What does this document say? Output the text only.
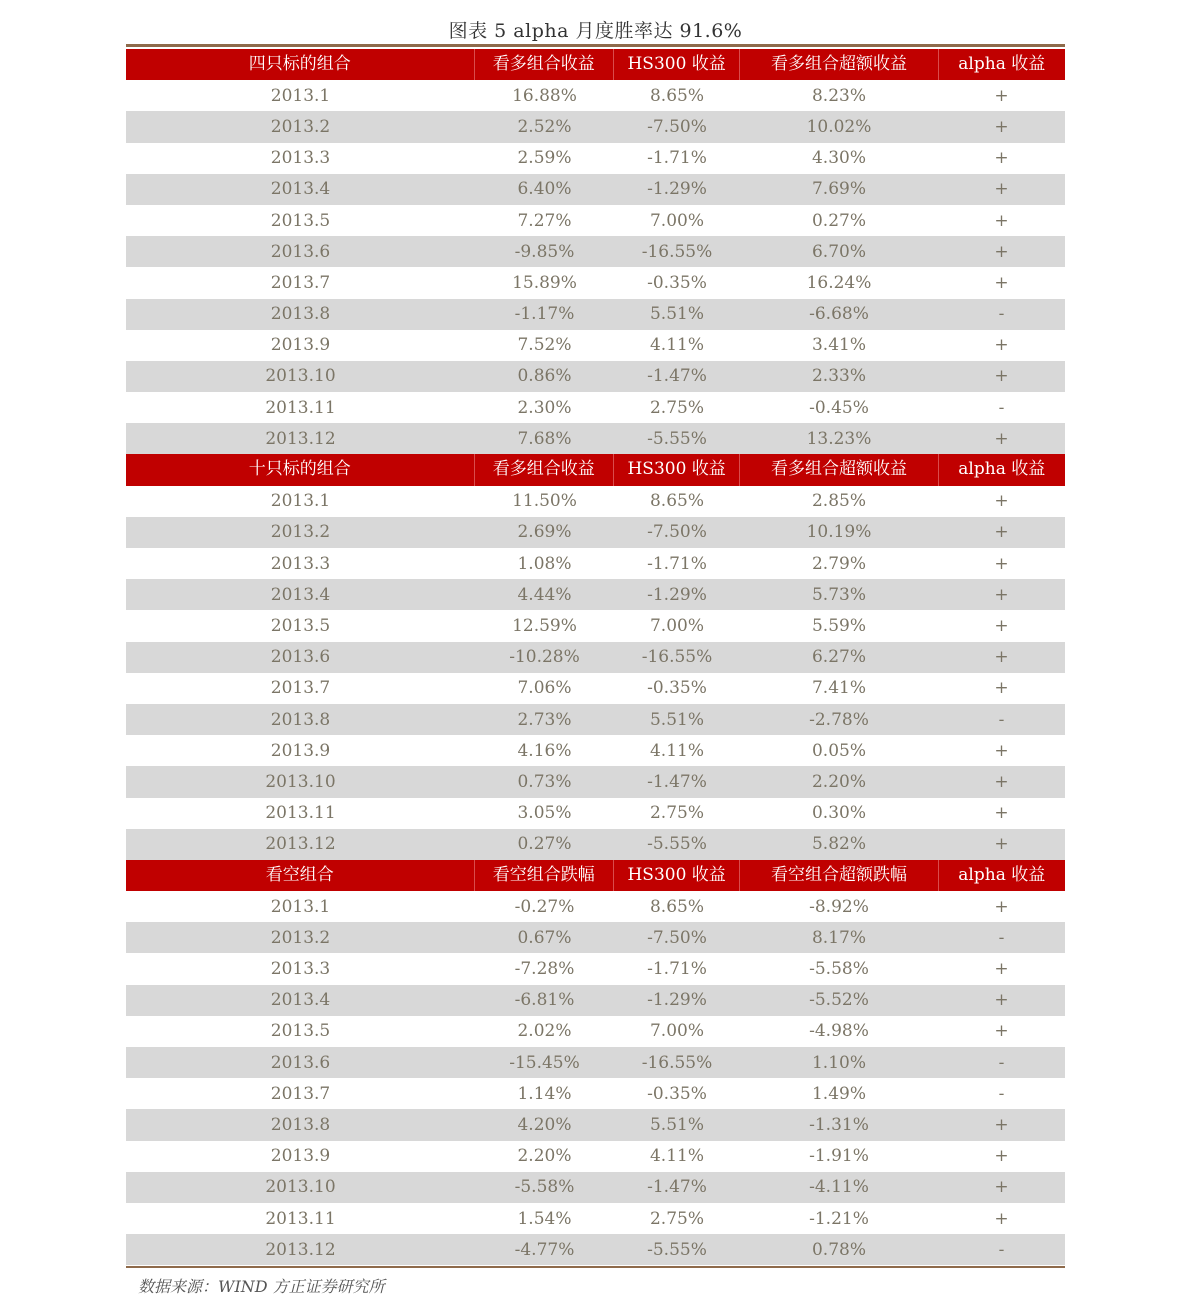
图表 5 alpha 月度胜率达 91.6%
四只标的组合	看多组合收益	HS300 收益	看多组合超额收益	alpha 收益
2013.1	16.88%	8.65%	8.23%	+
2013.2	2.52%	-7.50%	10.02%	+
2013.3	2.59%	-1.71%	4.30%	+
2013.4	6.40%	-1.29%	7.69%	+
2013.5	7.27%	7.00%	0.27%	+
2013.6	-9.85%	-16.55%	6.70%	+
2013.7	15.89%	-0.35%	16.24%	+
2013.8	-1.17%	5.51%	-6.68%	-
2013.9	7.52%	4.11%	3.41%	+
2013.10	0.86%	-1.47%	2.33%	+
2013.11	2.30%	2.75%	-0.45%	-
2013.12	7.68%	-5.55%	13.23%	+
十只标的组合	看多组合收益	HS300 收益	看多组合超额收益	alpha 收益
2013.1	11.50%	8.65%	2.85%	+
2013.2	2.69%	-7.50%	10.19%	+
2013.3	1.08%	-1.71%	2.79%	+
2013.4	4.44%	-1.29%	5.73%	+
2013.5	12.59%	7.00%	5.59%	+
2013.6	-10.28%	-16.55%	6.27%	+
2013.7	7.06%	-0.35%	7.41%	+
2013.8	2.73%	5.51%	-2.78%	-
2013.9	4.16%	4.11%	0.05%	+
2013.10	0.73%	-1.47%	2.20%	+
2013.11	3.05%	2.75%	0.30%	+
2013.12	0.27%	-5.55%	5.82%	+
看空组合	看空组合跌幅	HS300 收益	看空组合超额跌幅	alpha 收益
2013.1	-0.27%	8.65%	-8.92%	+
2013.2	0.67%	-7.50%	8.17%	-
2013.3	-7.28%	-1.71%	-5.58%	+
2013.4	-6.81%	-1.29%	-5.52%	+
2013.5	2.02%	7.00%	-4.98%	+
2013.6	-15.45%	-16.55%	1.10%	-
2013.7	1.14%	-0.35%	1.49%	-
2013.8	4.20%	5.51%	-1.31%	+
2013.9	2.20%	4.11%	-1.91%	+
2013.10	-5.58%	-1.47%	-4.11%	+
2013.11	1.54%	2.75%	-1.21%	+
2013.12	-4.77%	-5.55%	0.78%	-
数据来源：WIND 方正证券研究所
